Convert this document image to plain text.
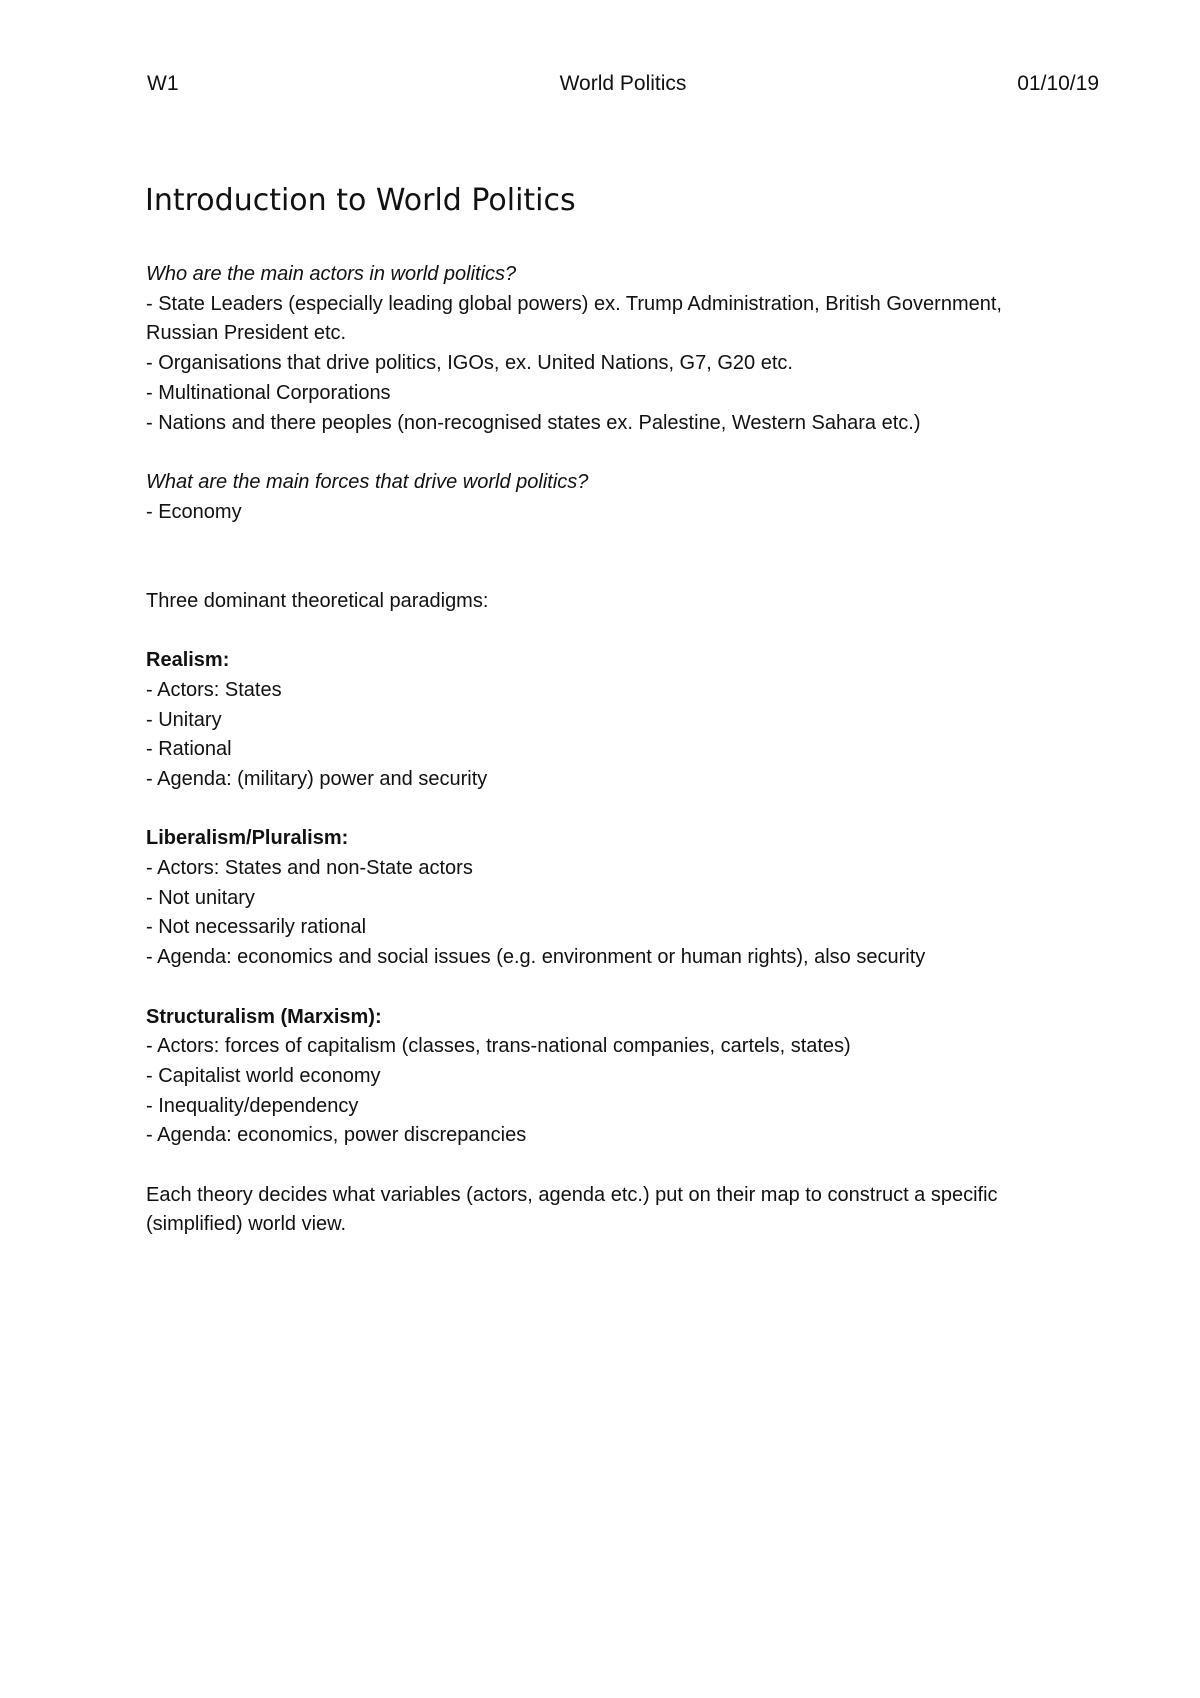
W1	World Politics	01/10/19
Introduction to World Politics
Who are the main actors in world politics?
- State Leaders (especially leading global powers) ex. Trump Administration, British Government, Russian President etc.
- Organisations that drive politics, IGOs, ex. United Nations, G7, G20 etc.
- Multinational Corporations
- Nations and there peoples (non-recognised states ex. Palestine, Western Sahara etc.)
What are the main forces that drive world politics?
- Economy
Three dominant theoretical paradigms:
Realism:
- Actors: States
- Unitary
- Rational
- Agenda: (military) power and security
Liberalism/Pluralism:
- Actors: States and non-State actors
- Not unitary
- Not necessarily rational
- Agenda: economics and social issues (e.g. environment or human rights), also security
Structuralism (Marxism):
- Actors: forces of capitalism (classes, trans-national companies, cartels, states)
- Capitalist world economy
- Inequality/dependency
- Agenda: economics, power discrepancies
Each theory decides what variables (actors, agenda etc.) put on their map to construct a specific (simplified) world view.
